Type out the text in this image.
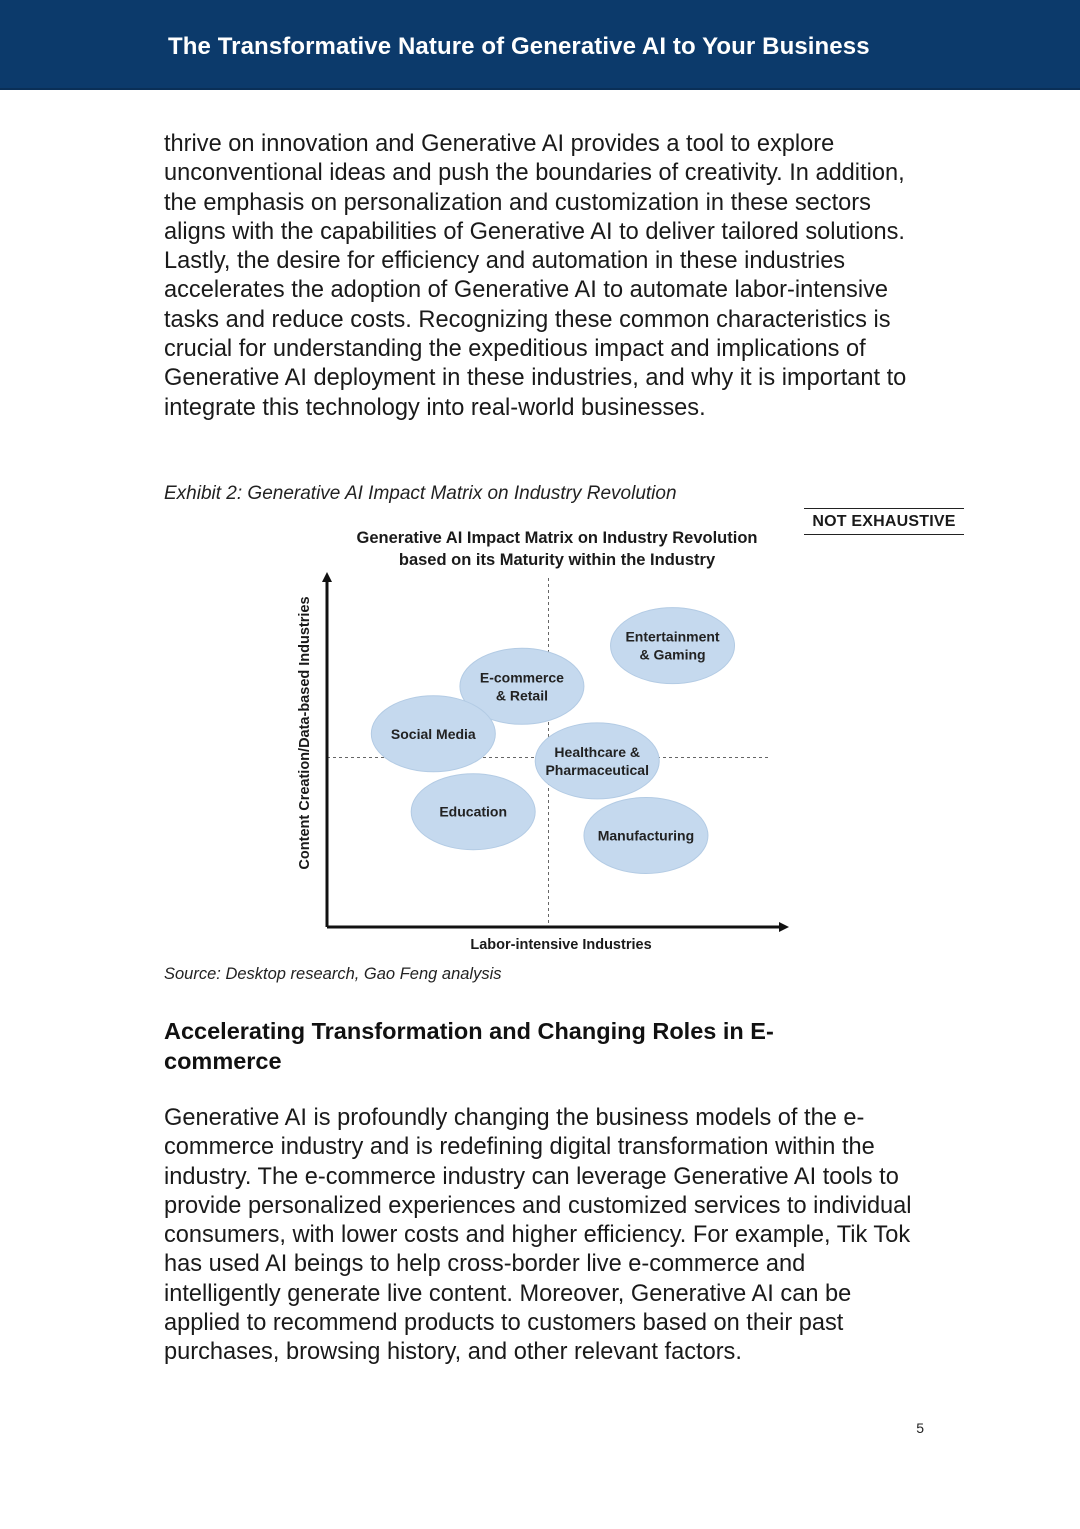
The Transformative Nature of Generative AI to Your Business

thrive on innovation and Generative AI provides a tool to explore unconventional ideas and push the boundaries of creativity. In addition, the emphasis on personalization and customization in these sectors aligns with the capabilities of Generative AI to deliver tailored solutions. Lastly, the desire for efficiency and automation in these industries accelerates the adoption of Generative AI to automate labor-intensive tasks and reduce costs. Recognizing these common characteristics is crucial for understanding the expeditious impact and implications of Generative AI deployment in these industries, and why it is important to integrate this technology into real-world businesses.

Exhibit 2: Generative AI Impact Matrix on Industry Revolution

NOT EXHAUSTIVE
Generative AI Impact Matrix on Industry Revolution
based on its Maturity within the Industry
Entertainment
& Gaming
E-commerce
& Retail
Social Media
Healthcare &
Pharmaceutical
Education
Manufacturing
Labor-intensive Industries
Content Creation/Data-based Industries

Source: Desktop research, Gao Feng analysis

Accelerating Transformation and Changing Roles in E-commerce

Generative AI is profoundly changing the business models of the e-commerce industry and is redefining digital transformation within the industry. The e-commerce industry can leverage Generative AI tools to provide personalized experiences and customized services to individual consumers, with lower costs and higher efficiency. For example, Tik Tok has used AI beings to help cross-border live e-commerce and intelligently generate live content. Moreover, Generative AI can be applied to recommend products to customers based on their past purchases, browsing history, and other relevant factors.

5
